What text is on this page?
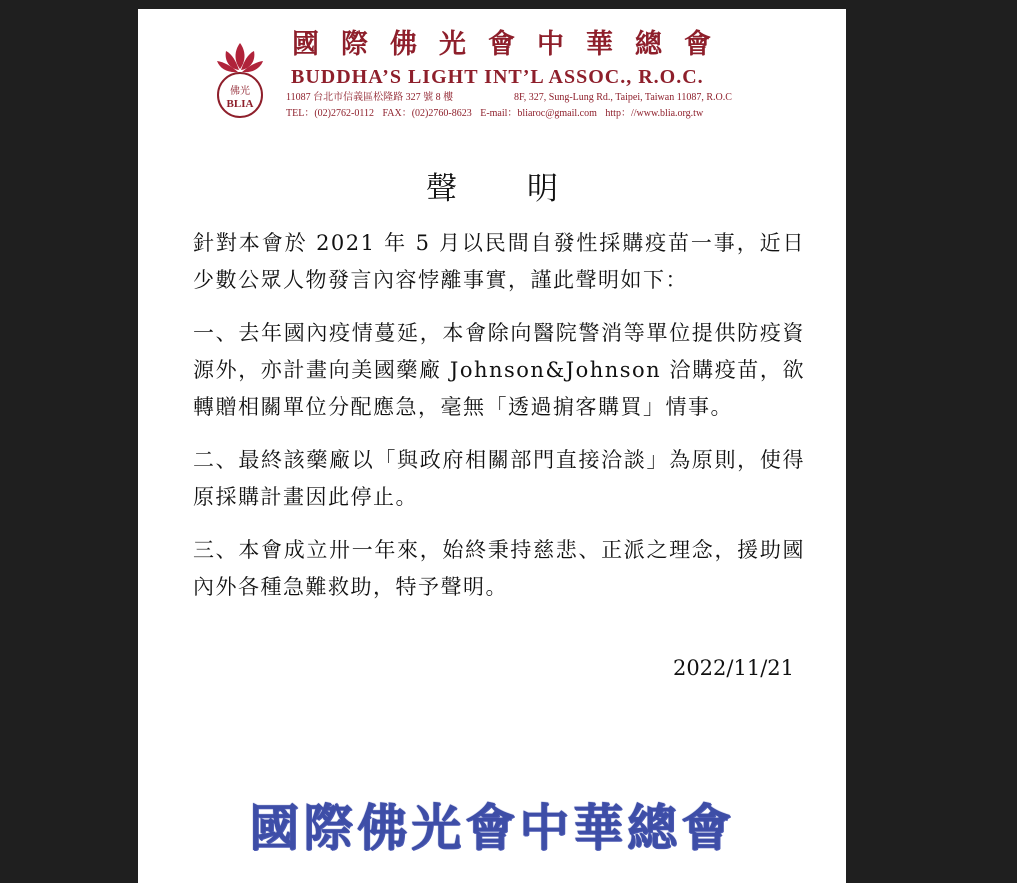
佛光
BLIA
國際佛光會中華總會
BUDDHA’S LIGHT INT’L ASSOC., R.O.C.

11087 台北市信義區松隆路 327 號 8 樓	8F, 327, Sung-Lung Rd., Taipei, Taiwan 11087, R.O.C

TEL：(02)2762-0112 FAX：(02)2760-8623 E-mail：bliaroc@gmail.com http：//www.blia.org.tw

聲明

針對本會於 2021 年 5 月以民間自發性採購疫苗一事，近日少數公眾人物發言內容悖離事實，謹此聲明如下：

一、去年國內疫情蔓延，本會除向醫院警消等單位提供防疫資源外，亦計畫向美國藥廠 Johnson&Johnson 洽購疫苗，欲轉贈相關單位分配應急，毫無「透過掮客購買」情事。

二、最終該藥廠以「與政府相關部門直接洽談」為原則，使得原採購計畫因此停止。

三、本會成立卅一年來，始終秉持慈悲、正派之理念，援助國內外各種急難救助，特予聲明。

2022/11/21

國際佛光會中華總會
